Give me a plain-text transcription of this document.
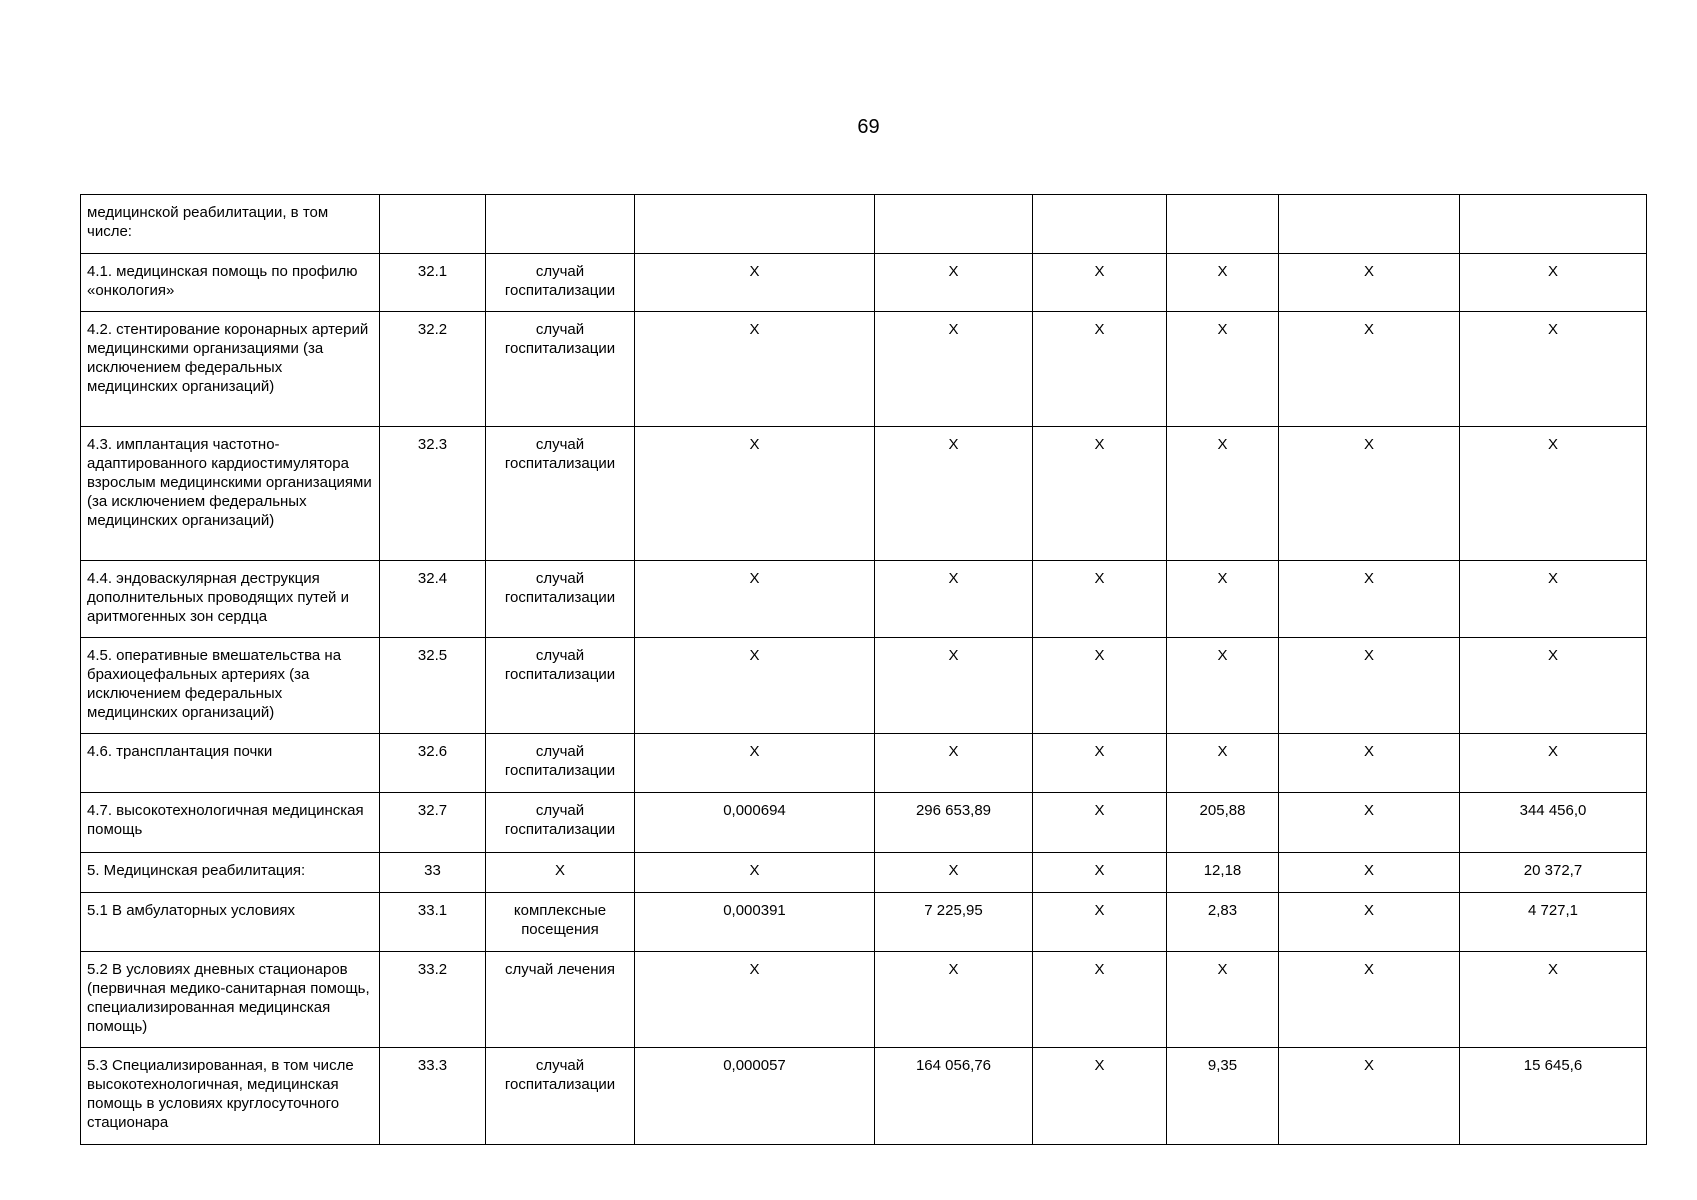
69
медицинской реабилитации, в том числе:								
4.1. медицинская помощь по профилю «онкология»	32.1	случай госпитализации	Х	Х	Х	Х	Х	Х
4.2. стентирование коронарных артерий медицинскими организациями (за исключением федеральных медицинских организаций)	32.2	случай госпитализации	Х	Х	Х	Х	Х	Х
4.3. имплантация частотно-адаптированного кардиостимулятора взрослым медицинскими организациями (за исключением федеральных медицинских организаций)	32.3	случай госпитализации	Х	Х	Х	Х	Х	Х
4.4. эндоваскулярная деструкция дополнительных проводящих путей и аритмогенных зон сердца	32.4	случай госпитализации	Х	Х	Х	Х	Х	Х
4.5. оперативные вмешательства на брахиоцефальных артериях (за исключением федеральных медицинских организаций)	32.5	случай госпитализации	Х	Х	Х	Х	Х	Х
4.6. трансплантация почки	32.6	случай госпитализации	Х	Х	Х	Х	Х	Х
4.7. высокотехнологичная медицинская помощь	32.7	случай госпитализации	0,000694	296 653,89	Х	205,88	Х	344 456,0
5. Медицинская реабилитация:	33	Х	Х	Х	Х	12,18	Х	20 372,7
5.1 В амбулаторных условиях	33.1	комплексные посещения	0,000391	7 225,95	Х	2,83	Х	4 727,1
5.2 В условиях дневных стационаров (первичная медико-санитарная помощь, специализированная медицинская помощь)	33.2	случай лечения	Х	Х	Х	Х	Х	Х
5.3 Специализированная, в том числе высокотехнологичная, медицинская помощь в условиях круглосуточного стационара	33.3	случай госпитализации	0,000057	164 056,76	Х	9,35	Х	15 645,6
